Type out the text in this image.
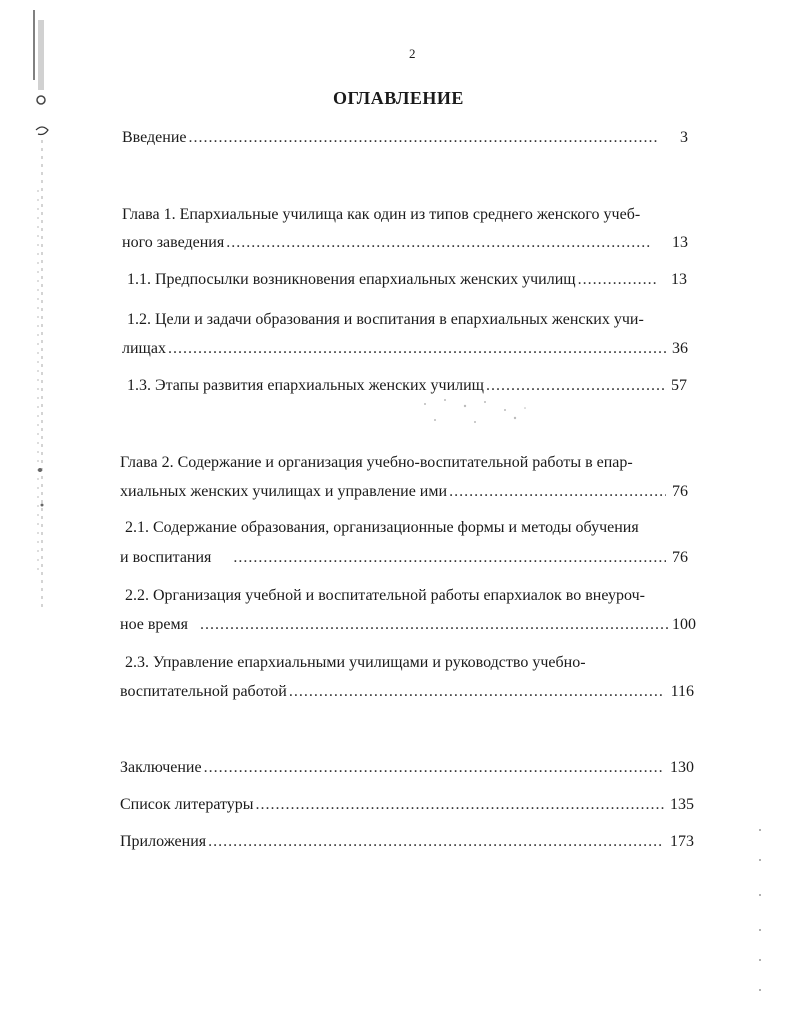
2
ОГЛАВЛЕНИЕ
Введение .....	3
Глава 1. Епархиальные училища как один из типов среднего женского учеб-
ного заведения .....	13
1.1. Предпосылки возникновения епархиальных женских училищ .....	13
1.2. Цели и задачи образования и воспитания в епархиальных женских учи-
лищах .....	36
1.3. Этапы развития епархиальных женских училищ .....	57
Глава 2. Содержание и организация учебно-воспитательной работы в епар-
хиальных женских училищах и управление ими .....	76
2.1. Содержание образования, организационные формы и методы обучения
и воспитания .....	76
2.2. Организация учебной и воспитательной работы епархиалок во внеуроч-
ное время .....	100
2.3. Управление епархиальными училищами и руководство учебно-
воспитательной работой .....	116
Заключение .....	130
Список литературы .....	135
Приложения .....	173
